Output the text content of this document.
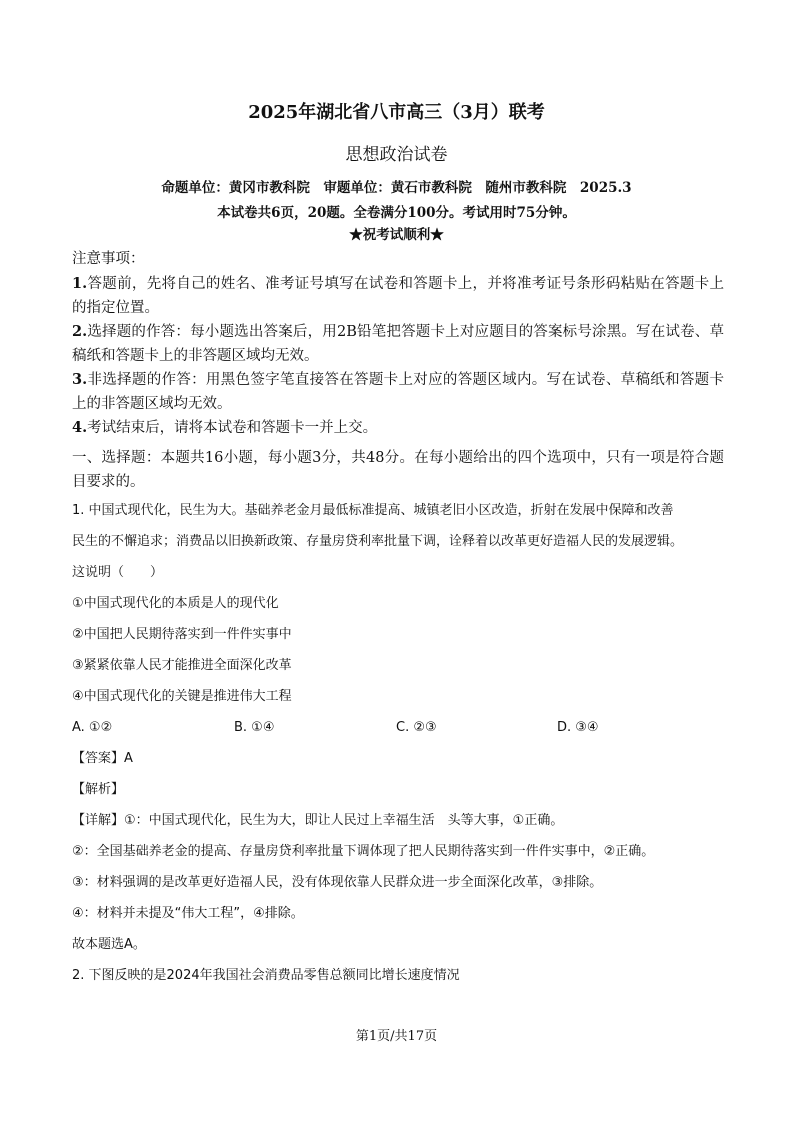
2025年湖北省八市高三（3月）联考
思想政治试卷
命题单位：黄冈市教科院　审题单位：黄石市教科院　随州市教科院　2025.3
本试卷共6页，20题。全卷满分100分。考试用时75分钟。
★祝考试顺利★
注意事项：

1.答题前，先将自己的姓名、准考证号填写在试卷和答题卡上，并将准考证号条形码粘贴在答题卡上的指定位置。

2.选择题的作答：每小题选出答案后，用2B铅笔把答题卡上对应题目的答案标号涂黑。写在试卷、草稿纸和答题卡上的非答题区域均无效。

3.非选择题的作答：用黑色签字笔直接答在答题卡上对应的答题区域内。写在试卷、草稿纸和答题卡上的非答题区域均无效。

4.考试结束后，请将本试卷和答题卡一并上交。

一、选择题：本题共16小题，每小题3分，共48分。在每小题给出的四个选项中，只有一项是符合题目要求的。

1. 中国式现代化，民生为大。基础养老金月最低标准提高、城镇老旧小区改造，折射在发展中保障和改善

民生的不懈追求；消费品以旧换新政策、存量房贷利率批量下调，诠释着以改革更好造福人民的发展逻辑。

这说明（　　）

①中国式现代化的本质是人的现代化

②中国把人民期待落实到一件件实事中

③紧紧依靠人民才能推进全面深化改革

④中国式现代化的关键是推进伟大工程

A. ①②	B. ①④	C. ②③	D. ③④

【答案】A

【解析】

【详解】①：中国式现代化，民生为大，即让人民过上幸福生活　头等大事，①正确。

②：全国基础养老金的提高、存量房贷利率批量下调体现了把人民期待落实到一件件实事中，②正确。

③：材料强调的是改革更好造福人民，没有体现依靠人民群众进一步全面深化改革，③排除。

④：材料并未提及“伟大工程”，④排除。

故本题选A。

2. 下图反映的是2024年我国社会消费品零售总额同比增长速度情况

第1页/共17页
